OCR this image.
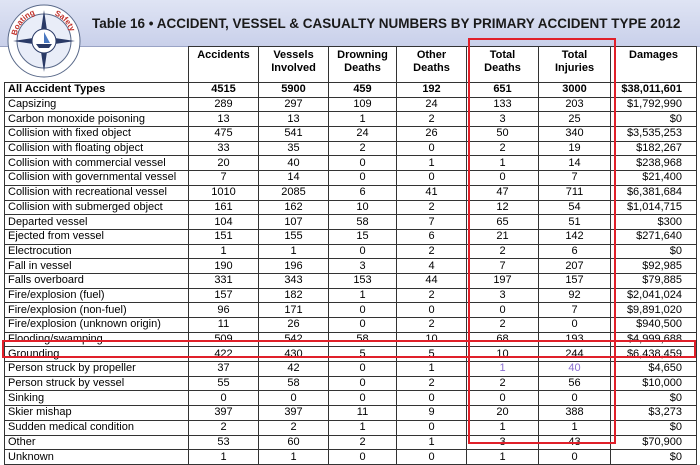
Boating Safety Table 16 • ACCIDENT, VESSEL & CASUALTY NUMBERS BY PRIMARY ACCIDENT TYPE 2012
	Accidents	Vessels Involved	Drowning Deaths	Other Deaths	Total Deaths	Total Injuries	Damages
All Accident Types	4515	5900	459	192	651	3000	$38,011,601
Capsizing	289	297	109	24	133	203	$1,792,990
Carbon monoxide poisoning	13	13	1	2	3	25	$0
Collision with fixed object	475	541	24	26	50	340	$3,535,253
Collision with floating object	33	35	2	0	2	19	$182,267
Collision with commercial vessel	20	40	0	1	1	14	$238,968
Collision with governmental vessel	7	14	0	0	0	7	$21,400
Collision with recreational vessel	1010	2085	6	41	47	711	$6,381,684
Collision with submerged object	161	162	10	2	12	54	$1,014,715
Departed vessel	104	107	58	7	65	51	$300
Ejected from vessel	151	155	15	6	21	142	$271,640
Electrocution	1	1	0	2	2	6	$0
Fall in vessel	190	196	3	4	7	207	$92,985
Falls overboard	331	343	153	44	197	157	$79,885
Fire/explosion (fuel)	157	182	1	2	3	92	$2,041,024
Fire/explosion (non-fuel)	96	171	0	0	0	7	$9,891,020
Fire/explosion (unknown origin)	11	26	0	2	2	0	$940,500
Flooding/swamping	509	542	58	10	68	193	$4,999,688
Grounding	422	430	5	5	10	244	$6,438,459
Person struck by propeller	37	42	0	1	1	40	$4,650
Person struck by vessel	55	58	0	2	2	56	$10,000
Sinking	0	0	0	0	0	0	$0
Skier mishap	397	397	11	9	20	388	$3,273
Sudden medical condition	2	2	1	0	1	1	$0
Other	53	60	2	1	3	43	$70,900
Unknown	1	1	0	0	1	0	$0
